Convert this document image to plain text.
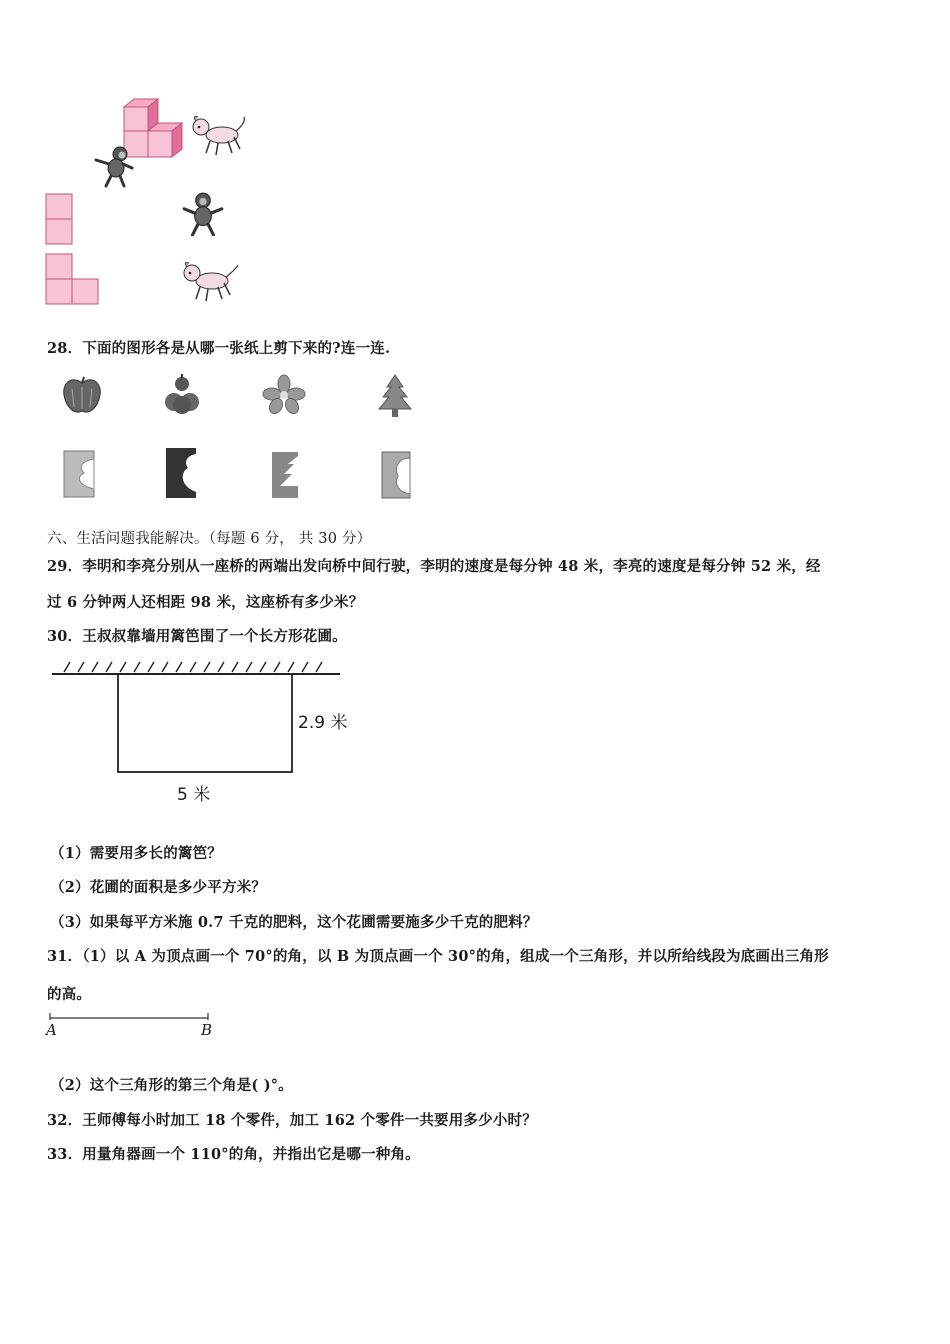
28．下面的图形各是从哪一张纸上剪下来的?连一连.
六、生活问题我能解决。（每题 6 分， 共 30 分）
29．李明和李亮分别从一座桥的两端出发向桥中间行驶，李明的速度是每分钟 48 米，李亮的速度是每分钟 52 米，经
过 6 分钟两人还相距 98 米，这座桥有多少米？
30．王叔叔靠墙用篱笆围了一个长方形花圃。
2.9 米
5 米
（1）需要用多长的篱笆？
（2）花圃的面积是多少平方米？
（3）如果每平方米施 0.7 千克的肥料，这个花圃需要施多少千克的肥料？
31．（1）以 A 为顶点画一个 70°的角，以 B 为顶点画一个 30°的角，组成一个三角形，并以所给线段为底画出三角形
的高。
A	B
（2）这个三角形的第三个角是( )°。
32．王师傅每小时加工 18 个零件，加工 162 个零件一共要用多少小时？
33．用量角器画一个 110°的角，并指出它是哪一种角。
